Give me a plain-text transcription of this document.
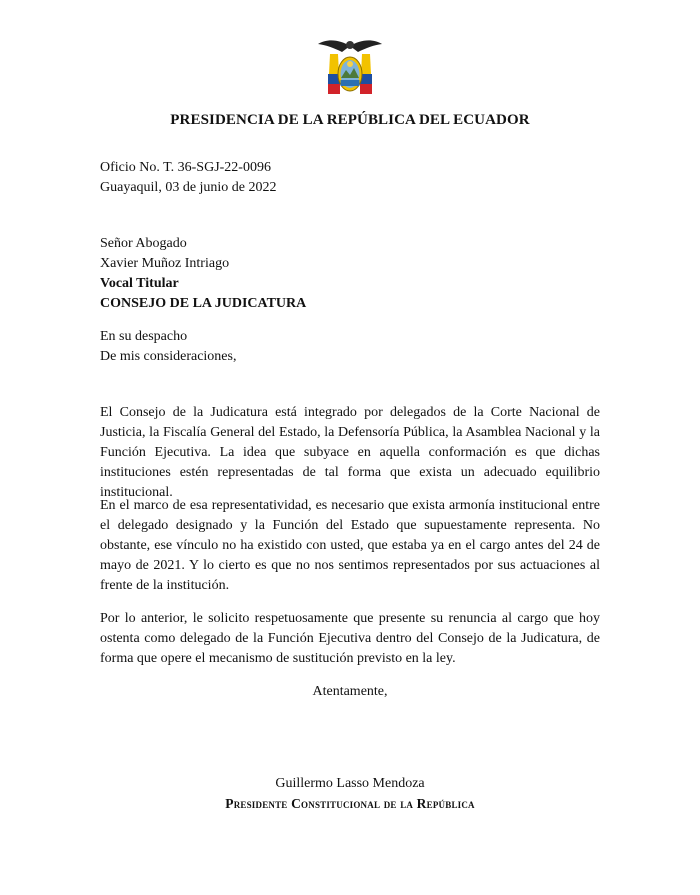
PRESIDENCIA DE LA REPÚBLICA DEL ECUADOR
Oficio No. T. 36-SGJ-22-0096
Guayaquil, 03 de junio de 2022
Señor Abogado
Xavier Muñoz Intriago
Vocal Titular
CONSEJO DE LA JUDICATURA
En su despacho
De mis consideraciones,
El Consejo de la Judicatura está integrado por delegados de la Corte Nacional de Justicia, la Fiscalía General del Estado, la Defensoría Pública, la Asamblea Nacional y la Función Ejecutiva. La idea que subyace en aquella conformación es que dichas instituciones estén representadas de tal forma que exista un adecuado equilibrio institucional.
En el marco de esa representatividad, es necesario que exista armonía institucional entre el delegado designado y la Función del Estado que supuestamente representa. No obstante, ese vínculo no ha existido con usted, que estaba ya en el cargo antes del 24 de mayo de 2021. Y lo cierto es que no nos sentimos representados por sus actuaciones al frente de la institución.
Por lo anterior, le solicito respetuosamente que presente su renuncia al cargo que hoy ostenta como delegado de la Función Ejecutiva dentro del Consejo de la Judicatura, de forma que opere el mecanismo de sustitución previsto en la ley.
Atentamente,
Guillermo Lasso Mendoza
Presidente Constitucional de la República
